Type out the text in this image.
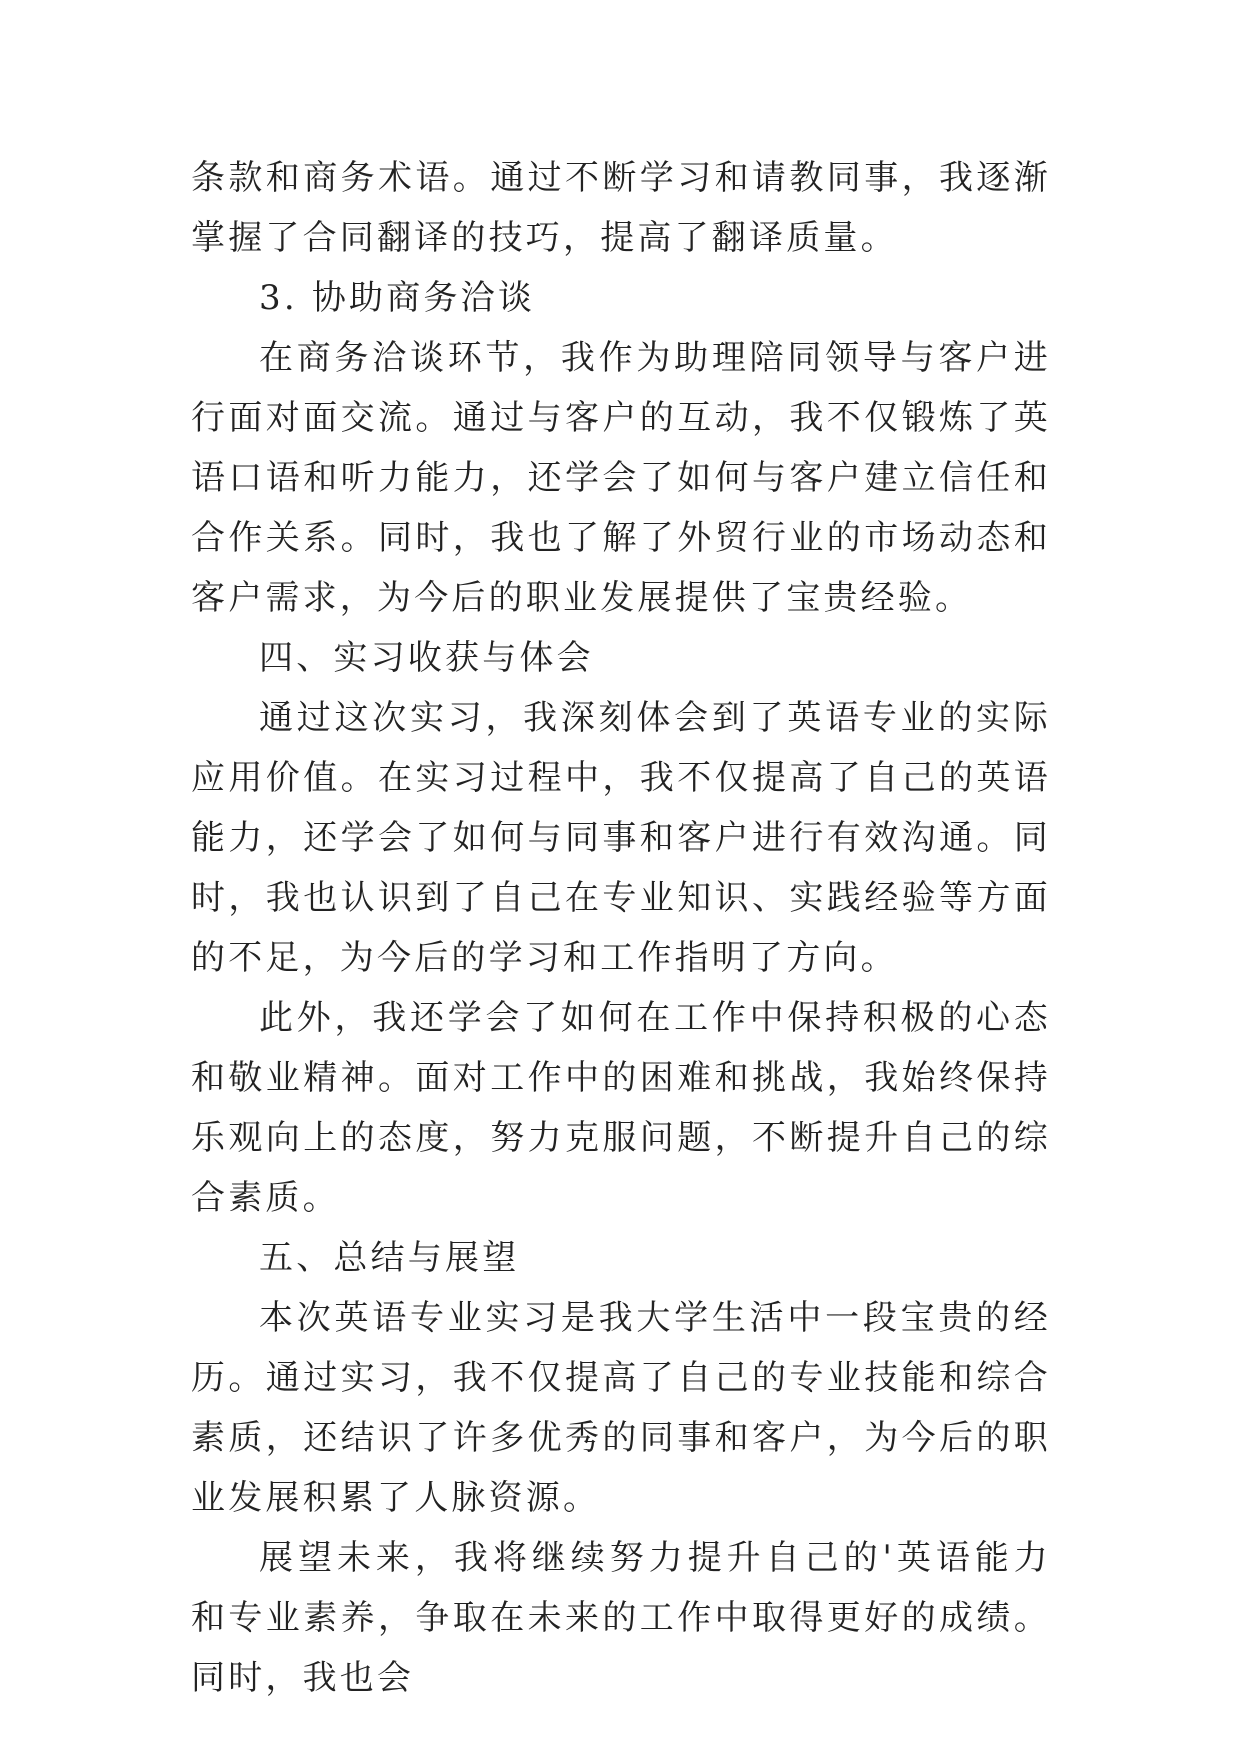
条款和商务术语。通过不断学习和请教同事，我逐渐掌握了合同翻译的技巧，提高了翻译质量。

3. 协助商务洽谈

在商务洽谈环节，我作为助理陪同领导与客户进行面对面交流。通过与客户的互动，我不仅锻炼了英语口语和听力能力，还学会了如何与客户建立信任和合作关系。同时，我也了解了外贸行业的市场动态和客户需求，为今后的职业发展提供了宝贵经验。

四、实习收获与体会

通过这次实习，我深刻体会到了英语专业的实际应用价值。在实习过程中，我不仅提高了自己的英语能力，还学会了如何与同事和客户进行有效沟通。同时，我也认识到了自己在专业知识、实践经验等方面的不足，为今后的学习和工作指明了方向。

此外，我还学会了如何在工作中保持积极的心态和敬业精神。面对工作中的困难和挑战，我始终保持乐观向上的态度，努力克服问题，不断提升自己的综合素质。

五、总结与展望

本次英语专业实习是我大学生活中一段宝贵的经历。通过实习，我不仅提高了自己的专业技能和综合素质，还结识了许多优秀的同事和客户，为今后的职业发展积累了人脉资源。

展望未来，我将继续努力提升自己的'英语能力和专业素养，争取在未来的工作中取得更好的成绩。同时，我也会
